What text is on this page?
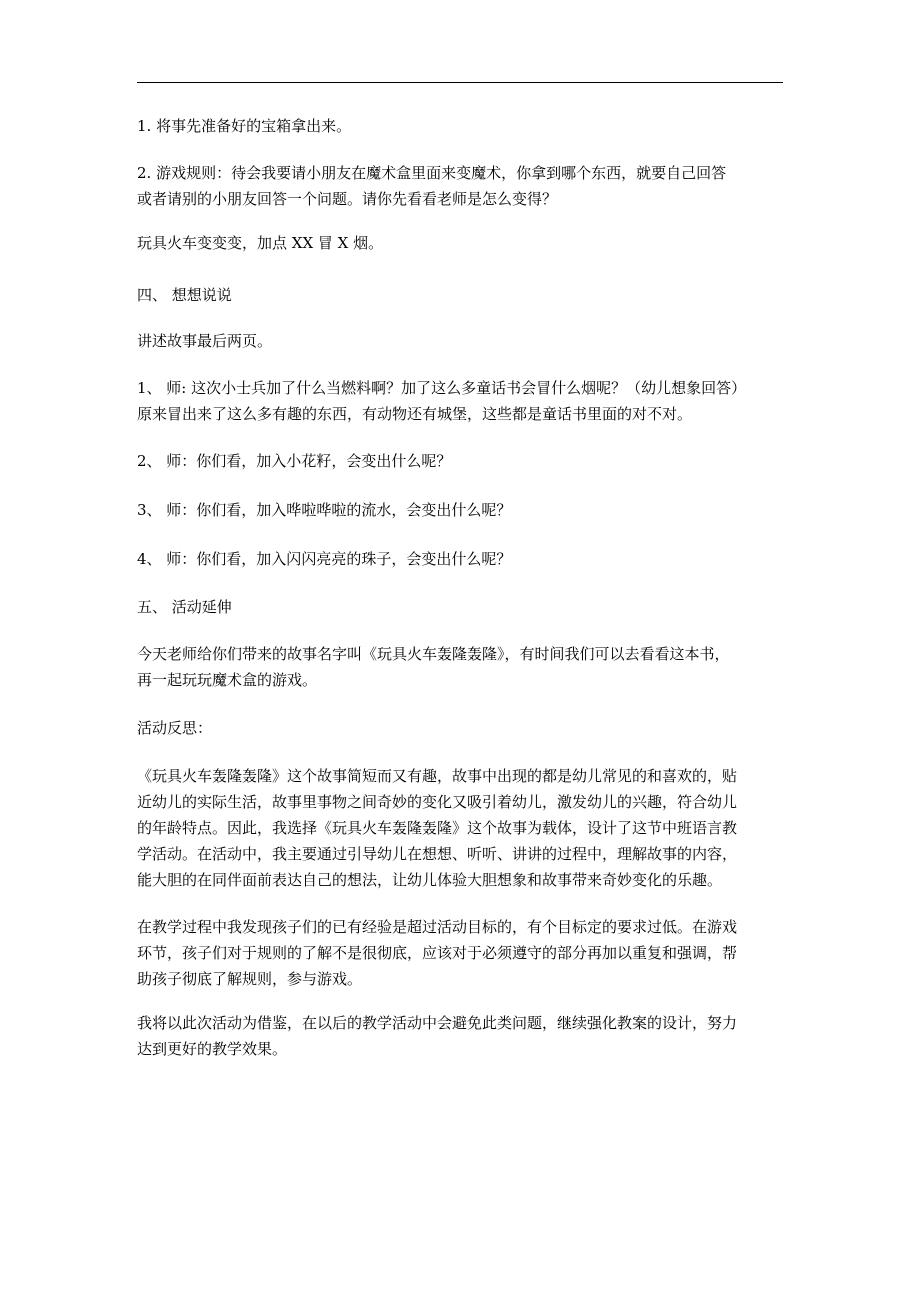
1. 将事先准备好的宝箱拿出来。

2. 游戏规则：待会我要请小朋友在魔术盒里面来变魔术，你拿到哪个东西，就要自己回答
或者请别的小朋友回答一个问题。请你先看看老师是怎么变得？

玩具火车变变变，加点 XX 冒 X 烟。

四、 想想说说

讲述故事最后两页。

1、 师: 这次小士兵加了什么当燃料啊？加了这么多童话书会冒什么烟呢？（幼儿想象回答）
原来冒出来了这么多有趣的东西，有动物还有城堡，这些都是童话书里面的对不对。

2、 师：你们看，加入小花籽，会变出什么呢？

3、 师：你们看，加入哗啦哗啦的流水，会变出什么呢？

4、 师：你们看，加入闪闪亮亮的珠子，会变出什么呢？

五、 活动延伸

今天老师给你们带来的故事名字叫《玩具火车轰隆轰隆》，有时间我们可以去看看这本书，
再一起玩玩魔术盒的游戏。

活动反思：

《玩具火车轰隆轰隆》这个故事简短而又有趣，故事中出现的都是幼儿常见的和喜欢的，贴
近幼儿的实际生活，故事里事物之间奇妙的变化又吸引着幼儿，激发幼儿的兴趣，符合幼儿
的年龄特点。因此，我选择《玩具火车轰隆轰隆》这个故事为载体，设计了这节中班语言教
学活动。在活动中，我主要通过引导幼儿在想想、听听、讲讲的过程中，理解故事的内容，
能大胆的在同伴面前表达自己的想法，让幼儿体验大胆想象和故事带来奇妙变化的乐趣。

在教学过程中我发现孩子们的已有经验是超过活动目标的，有个目标定的要求过低。在游戏
环节，孩子们对于规则的了解不是很彻底，应该对于必须遵守的部分再加以重复和强调，帮
助孩子彻底了解规则，参与游戏。

我将以此次活动为借鉴，在以后的教学活动中会避免此类问题，继续强化教案的设计，努力
达到更好的教学效果。
